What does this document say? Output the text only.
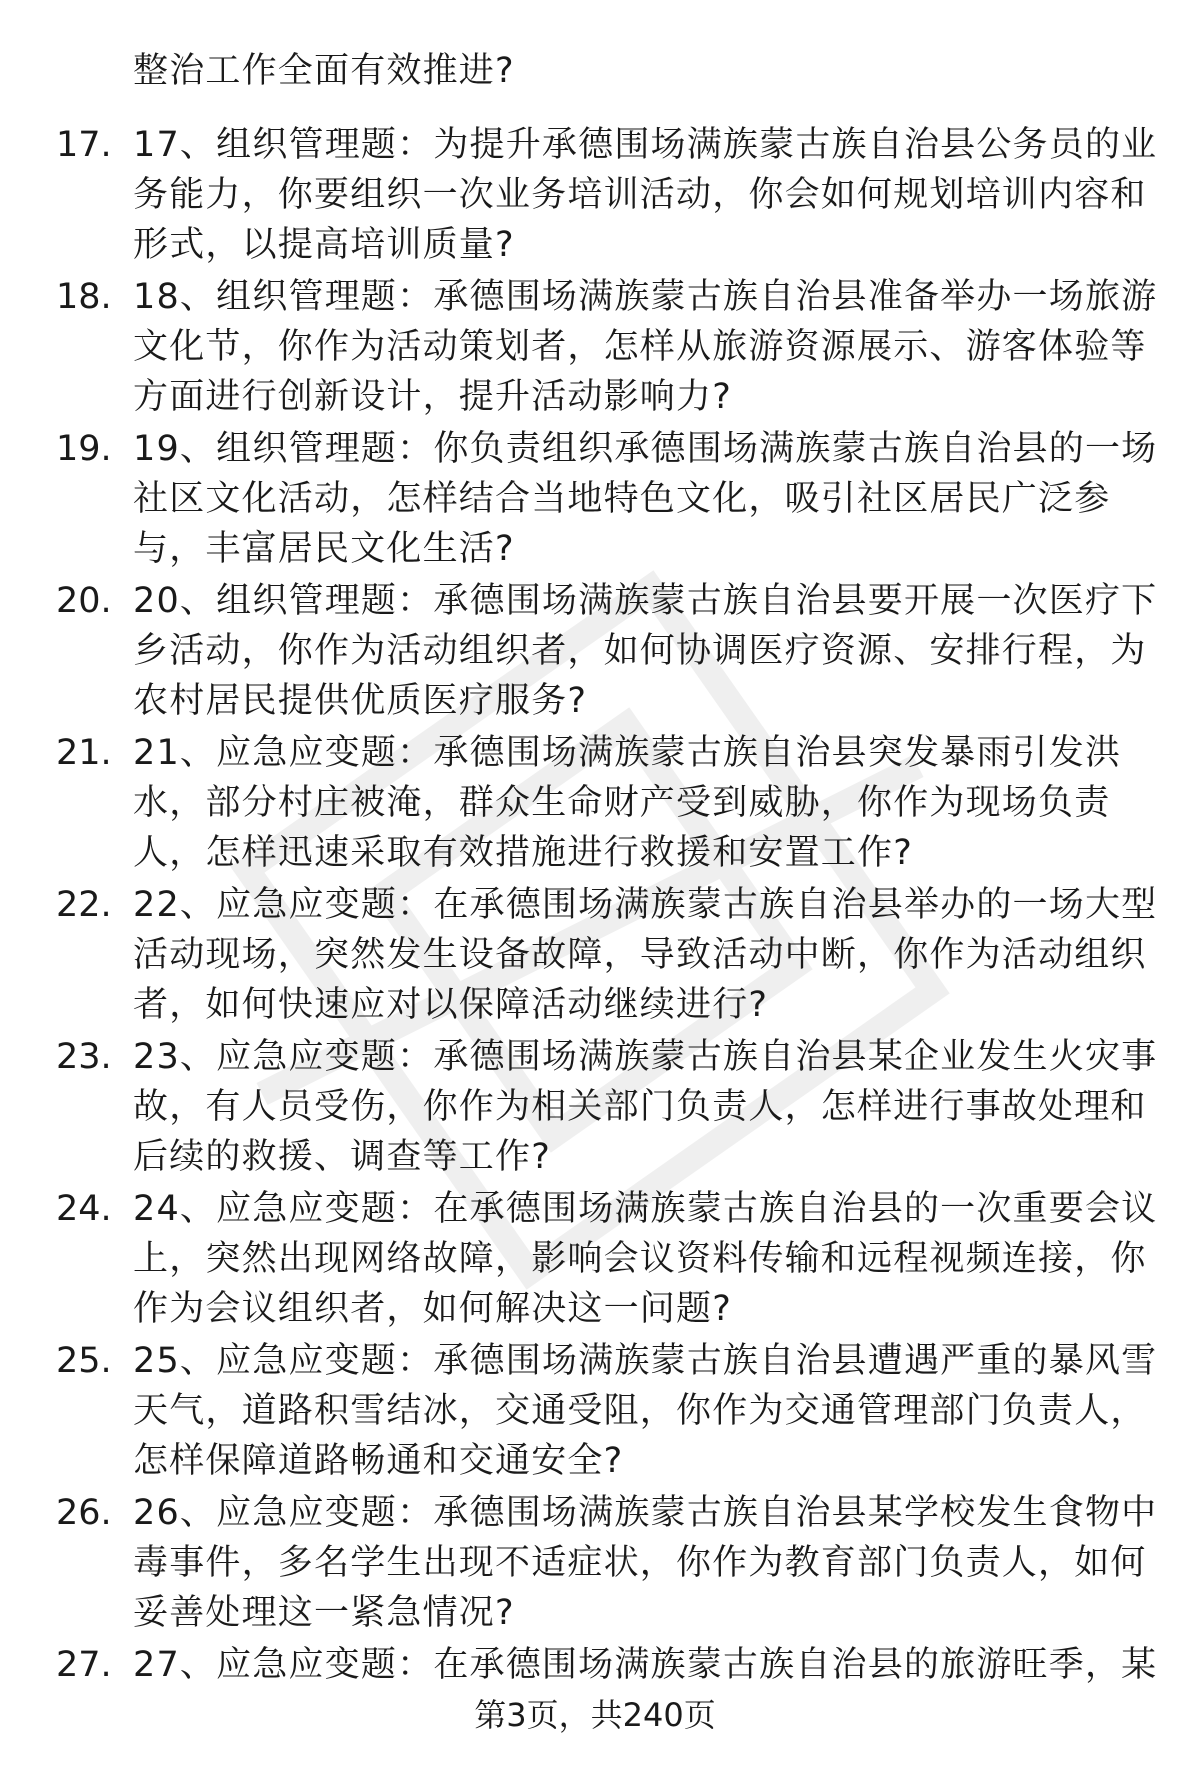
整治工作全面有效推进?
17. 17、组织管理题：为提升承德围场满族蒙古族自治县公务员的业
务能力，你要组织一次业务培训活动，你会如何规划培训内容和
形式，以提高培训质量?
18. 18、组织管理题：承德围场满族蒙古族自治县准备举办一场旅游
文化节，你作为活动策划者，怎样从旅游资源展示、游客体验等
方面进行创新设计，提升活动影响力?
19. 19、组织管理题：你负责组织承德围场满族蒙古族自治县的一场
社区文化活动，怎样结合当地特色文化，吸引社区居民广泛参
与，丰富居民文化生活?
20. 20、组织管理题：承德围场满族蒙古族自治县要开展一次医疗下
乡活动，你作为活动组织者，如何协调医疗资源、安排行程，为
农村居民提供优质医疗服务?
21. 21、应急应变题：承德围场满族蒙古族自治县突发暴雨引发洪
水，部分村庄被淹，群众生命财产受到威胁，你作为现场负责
人，怎样迅速采取有效措施进行救援和安置工作?
22. 22、应急应变题：在承德围场满族蒙古族自治县举办的一场大型
活动现场，突然发生设备故障，导致活动中断，你作为活动组织
者，如何快速应对以保障活动继续进行?
23. 23、应急应变题：承德围场满族蒙古族自治县某企业发生火灾事
故，有人员受伤，你作为相关部门负责人，怎样进行事故处理和
后续的救援、调查等工作?
24. 24、应急应变题：在承德围场满族蒙古族自治县的一次重要会议
上，突然出现网络故障，影响会议资料传输和远程视频连接，你
作为会议组织者，如何解决这一问题?
25. 25、应急应变题：承德围场满族蒙古族自治县遭遇严重的暴风雪
天气，道路积雪结冰，交通受阻，你作为交通管理部门负责人，
怎样保障道路畅通和交通安全?
26. 26、应急应变题：承德围场满族蒙古族自治县某学校发生食物中
毒事件，多名学生出现不适症状，你作为教育部门负责人，如何
妥善处理这一紧急情况?
27. 27、应急应变题：在承德围场满族蒙古族自治县的旅游旺季，某
第3页，共240页
